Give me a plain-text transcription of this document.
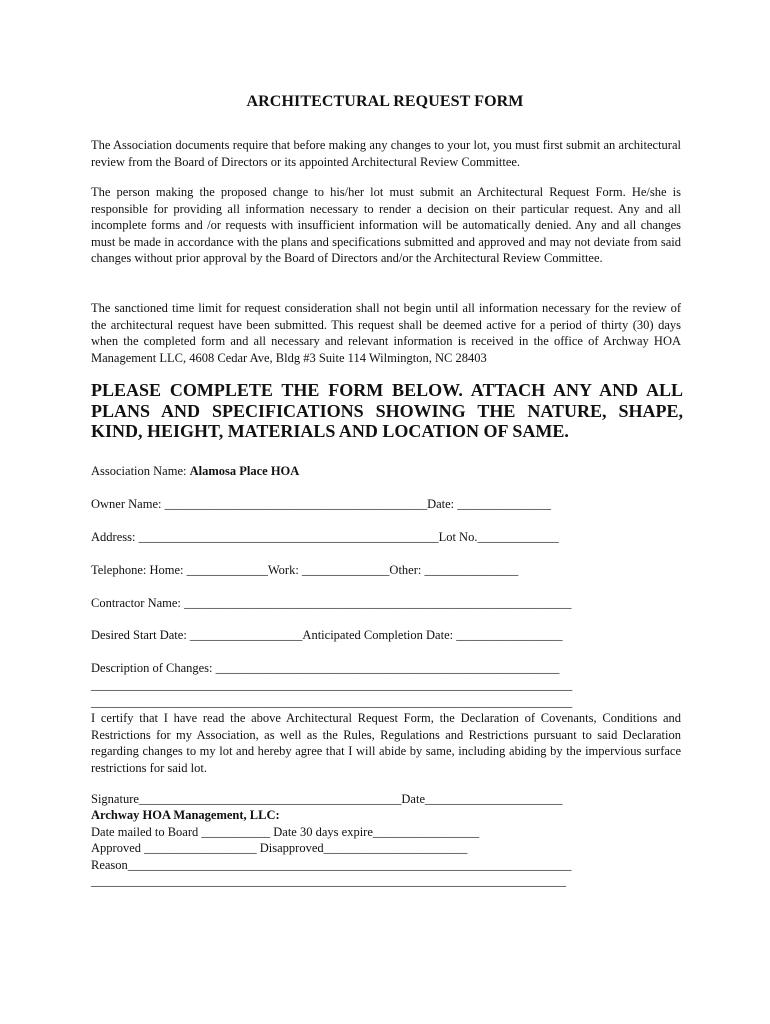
ARCHITECTURAL REQUEST FORM
The Association documents require that before making any changes to your lot, you must first submit an architectural review from the Board of Directors or its appointed Architectural Review Committee.
The person making the proposed change to his/her lot must submit an Architectural Request Form. He/she is responsible for providing all information necessary to render a decision on their particular request. Any and all incomplete forms and /or requests with insufficient information will be automatically denied. Any and all changes must be made in accordance with the plans and specifications submitted and approved and may not deviate from said changes without prior approval by the Board of Directors and/or the Architectural Review Committee.
The sanctioned time limit for request consideration shall not begin until all information necessary for the review of the architectural request have been submitted. This request shall be deemed active for a period of thirty (30) days when the completed form and all necessary and relevant information is received in the office of Archway HOA Management LLC, 4608 Cedar Ave, Bldg #3 Suite 114 Wilmington, NC 28403
PLEASE COMPLETE THE FORM BELOW. ATTACH ANY AND ALL PLANS AND SPECIFICATIONS SHOWING THE NATURE, SHAPE, KIND, HEIGHT, MATERIALS AND LOCATION OF SAME.
Association Name: Alamosa Place HOA
Owner Name: __________________________________________Date: _______________
Address: ________________________________________________Lot No._____________
Telephone: Home: _____________Work: ______________Other: _______________
Contractor Name: ______________________________________________________________
Desired Start Date: __________________Anticipated Completion Date: _________________
Description of Changes: _______________________________________________________
_____________________________________________________________________________
_____________________________________________________________________________
I certify that I have read the above Architectural Request Form, the Declaration of Covenants, Conditions and Restrictions for my Association, as well as the Rules, Regulations and Restrictions pursuant to said Declaration regarding changes to my lot and hereby agree that I will abide by same, including abiding by the impervious surface restrictions for said lot.
Signature__________________________________________Date______________________
Archway HOA Management, LLC:
Date mailed to Board ___________ Date 30 days expire_________________
Approved __________________ Disapproved_______________________
Reason_______________________________________________________________________
____________________________________________________________________________
